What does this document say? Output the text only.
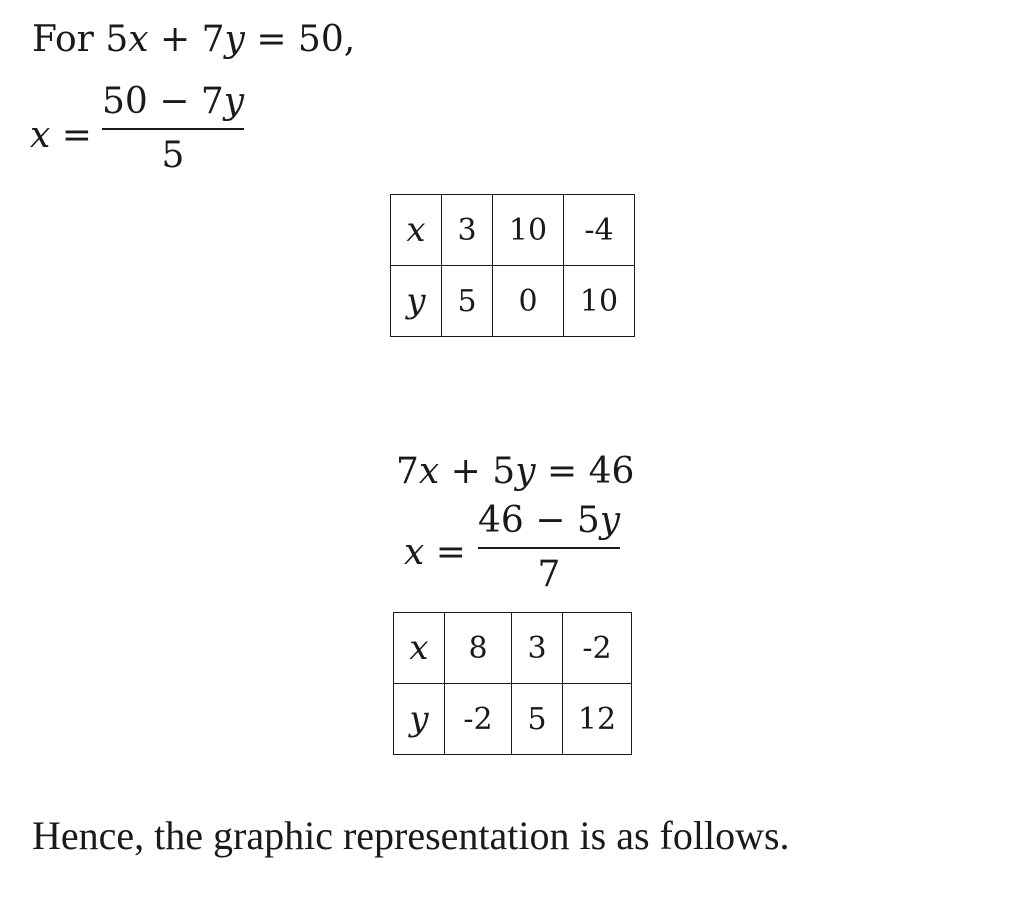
For 5x + 7y = 50,
x =
50 − 7y
5
x	3	10	-4
y	5	0	10
7x + 5y = 46
x =
46 − 5y
7
x	8	3	-2
y	-2	5	12
Hence, the graphic representation is as follows.
